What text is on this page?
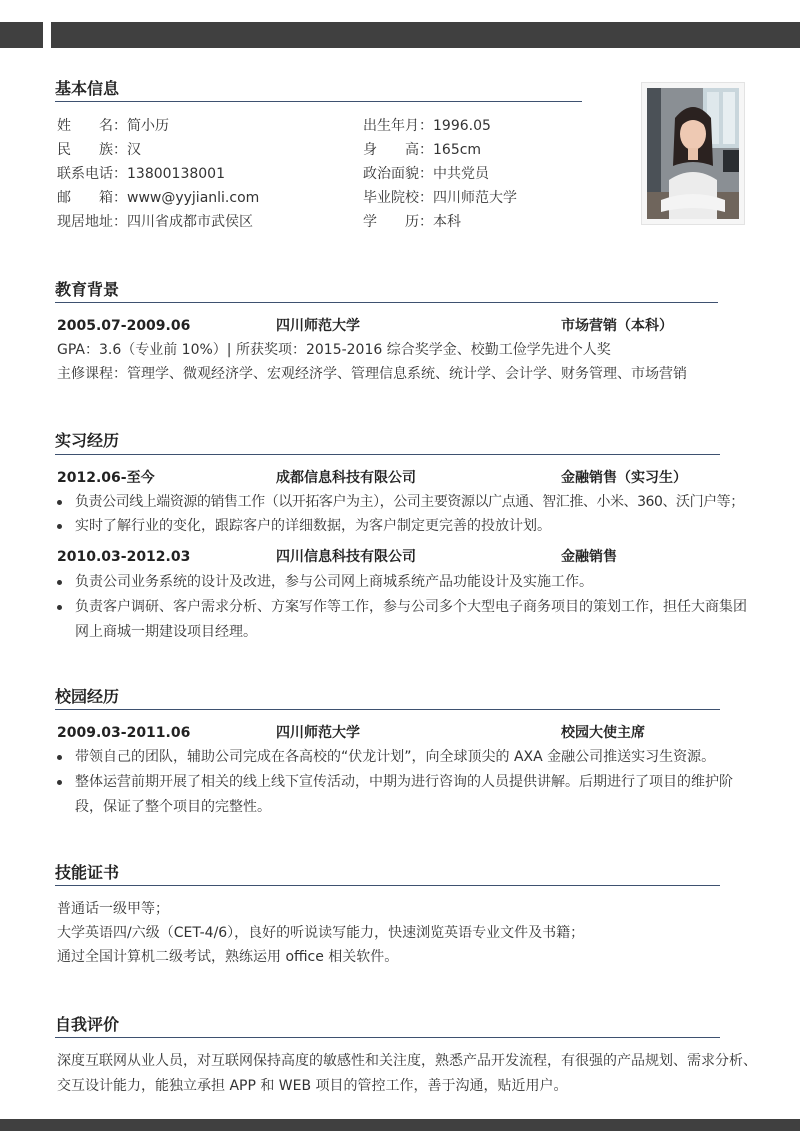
基本信息
姓　　名：简小历
民　　族：汉
联系电话：13800138001
邮　　箱：www@yyjianli.com
现居地址：四川省成都市武侯区
出生年月：1996.05
身　　高：165cm
政治面貌：中共党员
毕业院校：四川师范大学
学　　历：本科
教育背景
2005.07-2009.06	四川师范大学	市场营销（本科）
GPA：3.6（专业前 10%）| 所获奖项：2015-2016 综合奖学金、校勤工俭学先进个人奖
主修课程：管理学、微观经济学、宏观经济学、管理信息系统、统计学、会计学、财务管理、市场营销
实习经历
2012.06-至今	成都信息科技有限公司	金融销售（实习生）
负责公司线上端资源的销售工作（以开拓客户为主），公司主要资源以广点通、智汇推、小米、360、沃门户等；
实时了解行业的变化，跟踪客户的详细数据，为客户制定更完善的投放计划。
2010.03-2012.03	四川信息科技有限公司	金融销售
负责公司业务系统的设计及改进，参与公司网上商城系统产品功能设计及实施工作。
负责客户调研、客户需求分析、方案写作等工作，参与公司多个大型电子商务项目的策划工作，担任大商集团网上商城一期建设项目经理。
校园经历
2009.03-2011.06	四川师范大学	校园大使主席
带领自己的团队，辅助公司完成在各高校的“伏龙计划”，向全球顶尖的 AXA 金融公司推送实习生资源。
整体运营前期开展了相关的线上线下宣传活动，中期为进行咨询的人员提供讲解。后期进行了项目的维护阶段，保证了整个项目的完整性。
技能证书
普通话一级甲等；
大学英语四/六级（CET-4/6），良好的听说读写能力，快速浏览英语专业文件及书籍；
通过全国计算机二级考试，熟练运用 office 相关软件。
自我评价
深度互联网从业人员，对互联网保持高度的敏感性和关注度，熟悉产品开发流程，有很强的产品规划、需求分析、交互设计能力，能独立承担 APP 和 WEB 项目的管控工作，善于沟通，贴近用户。
